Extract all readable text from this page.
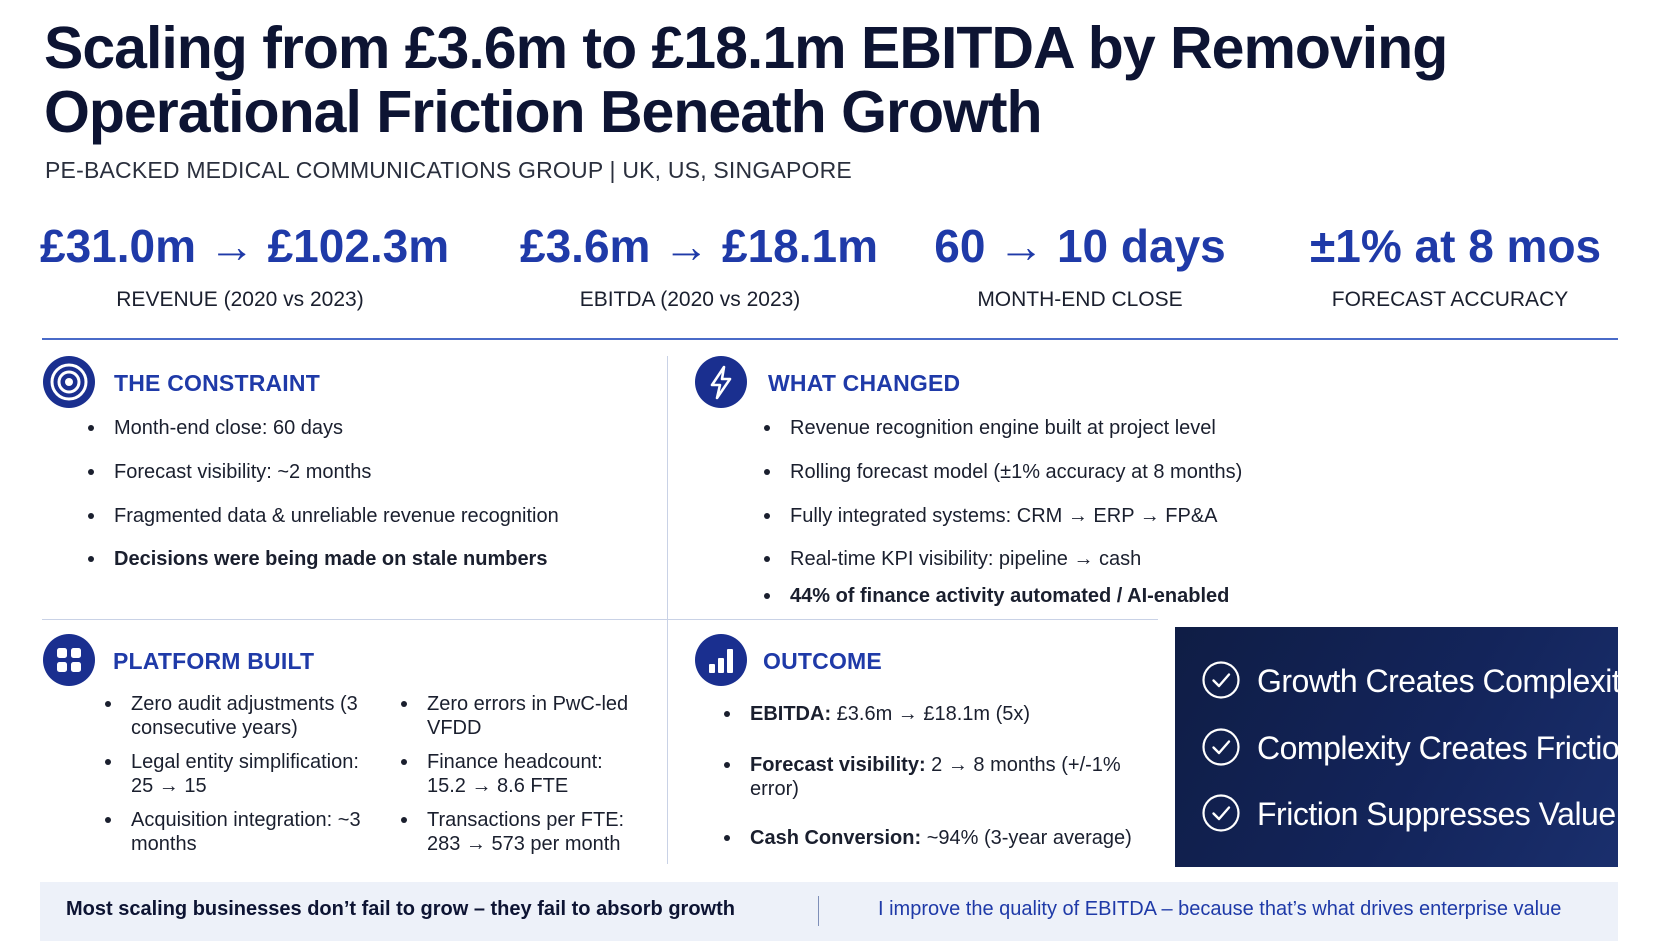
Scaling from £3.6m to £18.1m EBITDA by Removing Operational Friction Beneath Growth
PE-BACKED MEDICAL COMMUNICATIONS GROUP | UK, US, SINGAPORE
£31.0m → £102.3m
REVENUE (2020 vs 2023)
£3.6m → £18.1m
EBITDA (2020 vs 2023)
60 → 10 days
MONTH-END CLOSE
±1% at 8 mos
FORECAST ACCURACY
THE CONSTRAINT
Month-end close: 60 days
Forecast visibility: ~2 months
Fragmented data & unreliable revenue recognition
Decisions were being made on stale numbers
WHAT CHANGED
Revenue recognition engine built at project level
Rolling forecast model (±1% accuracy at 8 months)
Fully integrated systems: CRM → ERP → FP&A
Real-time KPI visibility: pipeline → cash
44% of finance activity automated / AI-enabled
PLATFORM BUILT
Zero audit adjustments (3 consecutive years)
Legal entity simplification: 25 → 15
Acquisition integration: ~3 months
Zero errors in PwC-led VFDD
Finance headcount: 15.2 → 8.6 FTE
Transactions per FTE: 283 → 573 per month
OUTCOME
EBITDA: £3.6m → £18.1m (5x)
Forecast visibility: 2 → 8 months (+/-1% error)
Cash Conversion: ~94% (3-year average)
Growth Creates Complexity
Complexity Creates Friction
Friction Suppresses Value
Most scaling businesses don’t fail to grow – they fail to absorb growth	I improve the quality of EBITDA – because that’s what drives enterprise value
